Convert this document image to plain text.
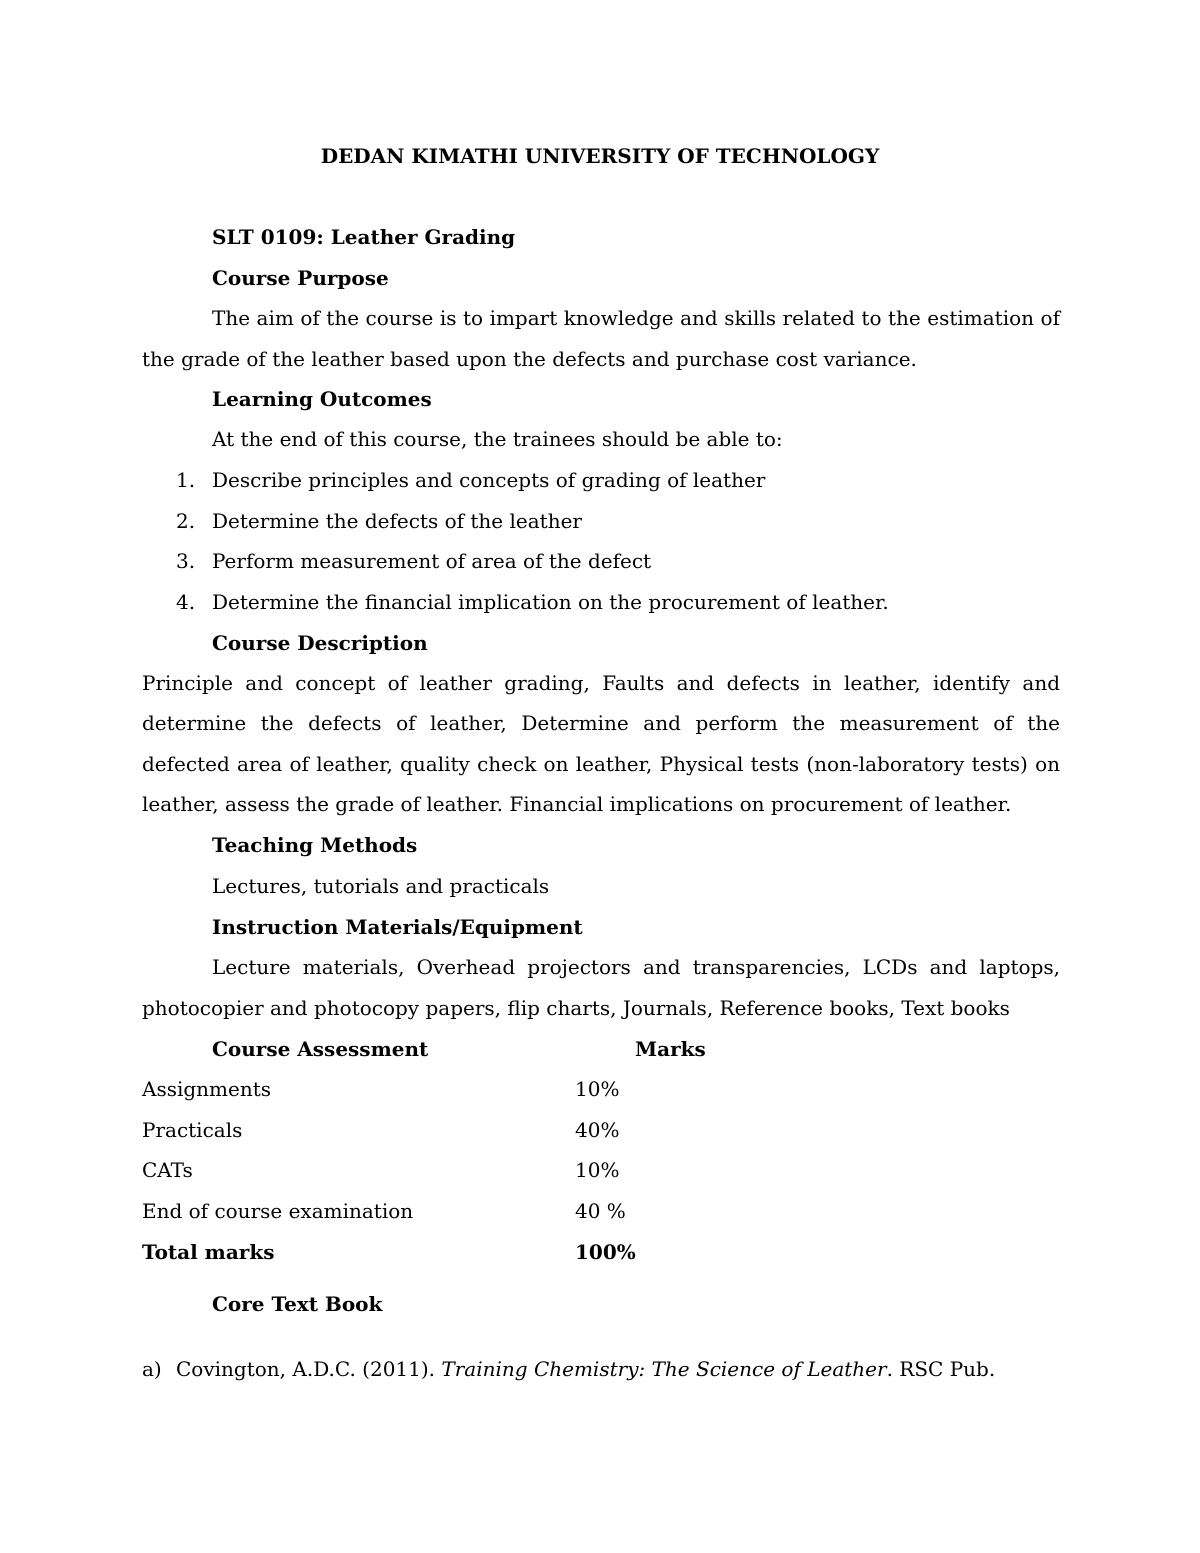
DEDAN KIMATHI UNIVERSITY OF TECHNOLOGY
SLT 0109: Leather Grading
Course Purpose
The aim of the course is to impart knowledge and skills related to the estimation of the grade of the leather based upon the defects and purchase cost variance.
Learning Outcomes
At the end of this course, the trainees should be able to:
1. Describe principles and concepts of grading of leather
2. Determine the defects of the leather
3. Perform measurement of area of the defect
4. Determine the financial implication on the procurement of leather.
Course Description
Principle and concept of leather grading, Faults and defects in leather, identify and determine the defects of leather, Determine and perform the measurement of the defected area of leather, quality check on leather, Physical tests (non-laboratory tests) on leather, assess the grade of leather. Financial implications on procurement of leather.
Teaching Methods
Lectures, tutorials and practicals
Instruction Materials/Equipment
Lecture materials, Overhead projectors and transparencies, LCDs and laptops, photocopier and photocopy papers, flip charts, Journals, Reference books, Text books
Course Assessment	Marks
Assignments	10%
Practicals	40%
CATs	10%
End of course examination	40 %
Total marks	100%
Core Text Book
a) Covington, A.D.C. (2011). Training Chemistry: The Science of Leather. RSC Pub.
